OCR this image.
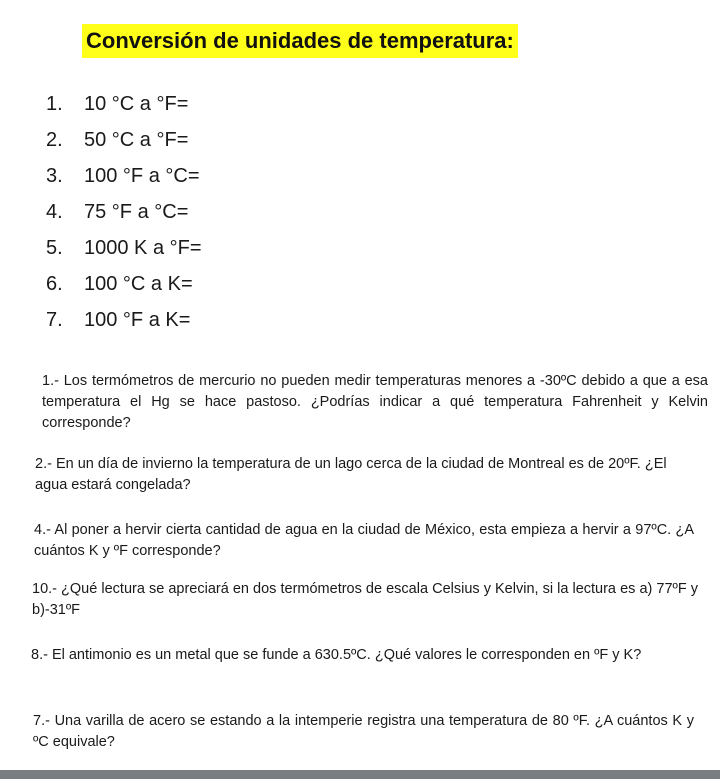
Conversión de unidades de temperatura:
1.	10 °C a °F=
2.	50 °C a °F=
3.	100 °F a °C=
4.	75 °F a °C=
5.	1000 K a °F=
6.	100 °C a K=
7.	100 °F a K=

1.- Los termómetros de mercurio no pueden medir temperaturas menores a -30ºC debido a que a esa temperatura el Hg se hace pastoso. ¿Podrías indicar a qué temperatura Fahrenheit y Kelvin corresponde?

2.- En un día de invierno la temperatura de un lago cerca de la ciudad de Montreal es de 20ºF. ¿El agua estará congelada?

4.- Al poner a hervir cierta cantidad de agua en la ciudad de México, esta empieza a hervir a 97ºC. ¿A cuántos K y ºF corresponde?

10.- ¿Qué lectura se apreciará en dos termómetros de escala Celsius y Kelvin, si la lectura es a) 77ºF y b)-31ºF

8.- El antimonio es un metal que se funde a 630.5ºC. ¿Qué valores le corresponden en ºF y K?

7.- Una varilla de acero se estando a la intemperie registra una temperatura de 80 ºF. ¿A cuántos K y ºC equivale?
